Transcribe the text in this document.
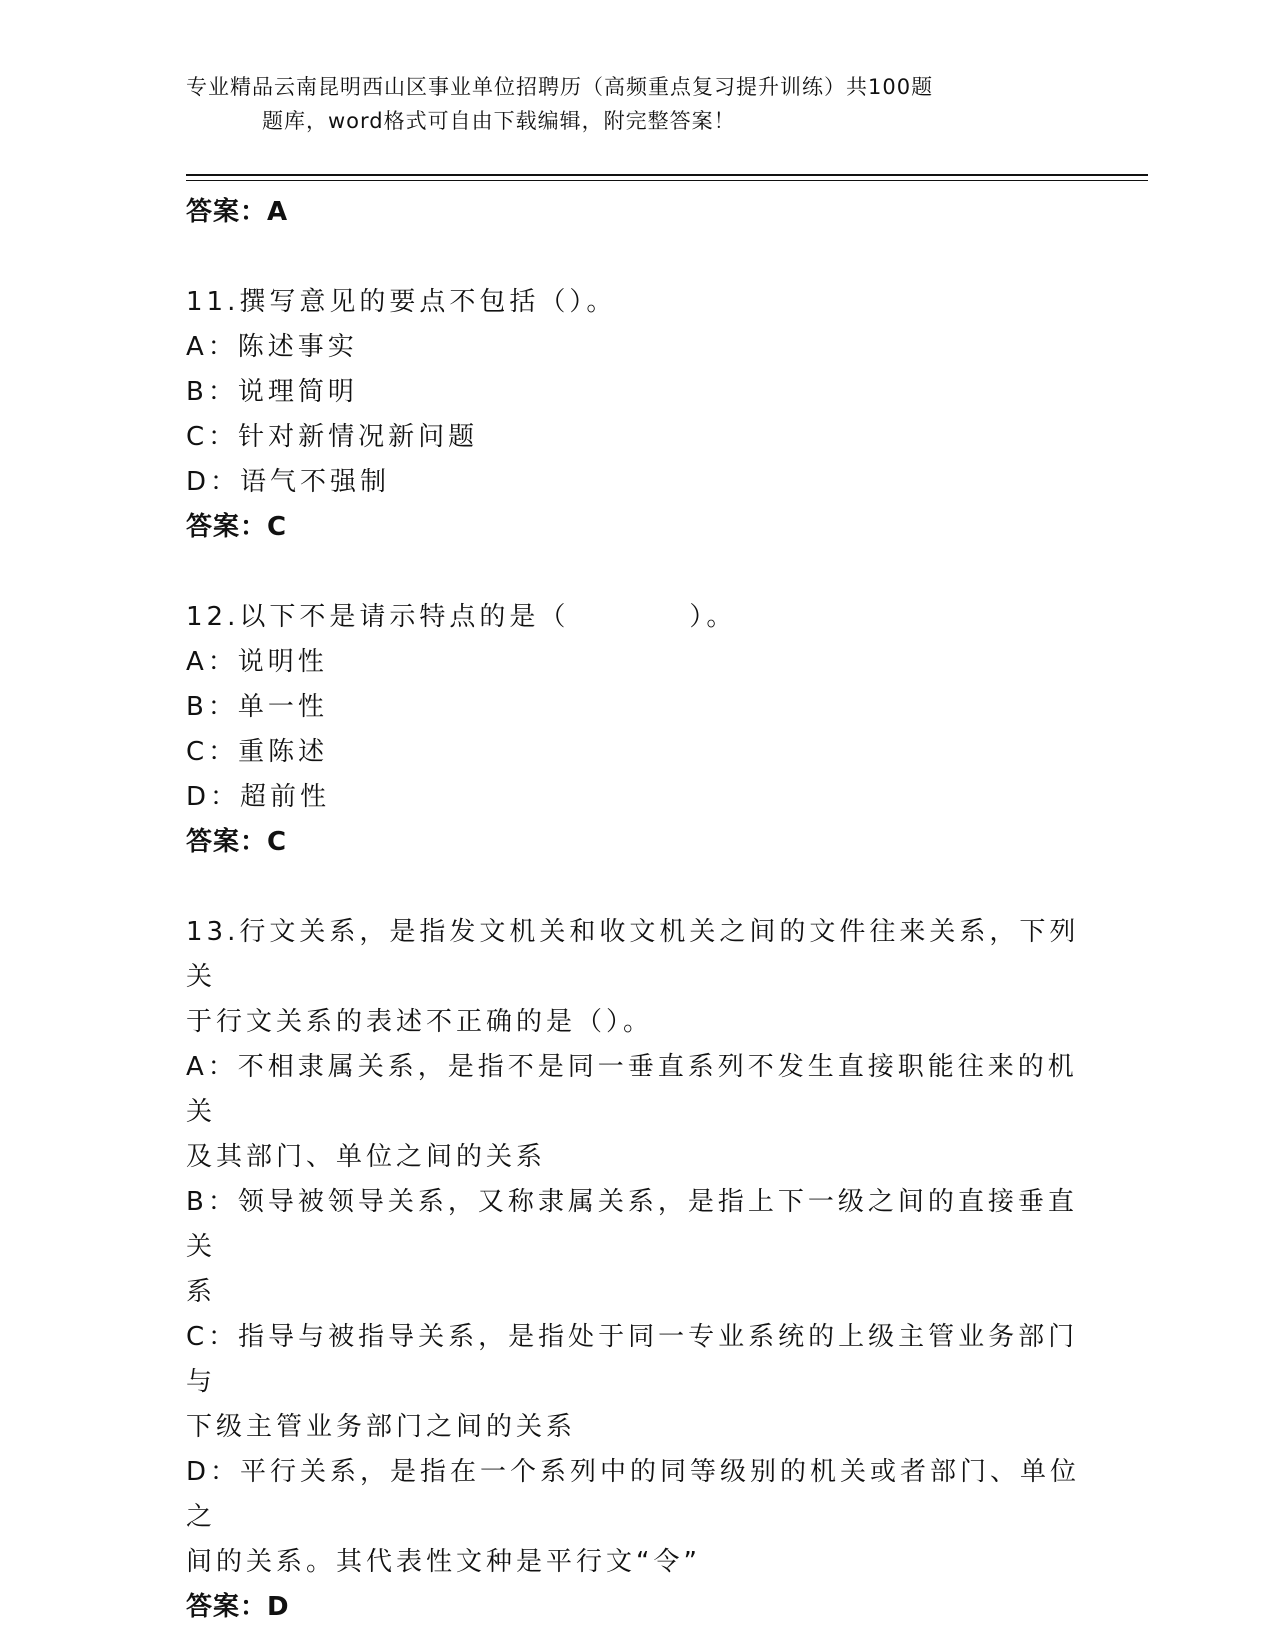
专业精品云南昆明西山区事业单位招聘历（高频重点复习提升训练）共100题
题库，word格式可自由下载编辑，附完整答案！
答案：A
11.撰写意见的要点不包括（）。
A：陈述事实
B：说理简明
C：针对新情况新问题
D：语气不强制
答案：C
12.以下不是请示特点的是（　　　　）。
A：说明性
B：单一性
C：重陈述
D：超前性
答案：C
13.行文关系，是指发文机关和收文机关之间的文件往来关系，下列关
于行文关系的表述不正确的是（）。
A：不相隶属关系，是指不是同一垂直系列不发生直接职能往来的机关
及其部门、单位之间的关系
B：领导被领导关系，又称隶属关系，是指上下一级之间的直接垂直关
系
C：指导与被指导关系，是指处于同一专业系统的上级主管业务部门与
下级主管业务部门之间的关系
D：平行关系，是指在一个系列中的同等级别的机关或者部门、单位之
间的关系。其代表性文种是平行文“令”
答案：D
